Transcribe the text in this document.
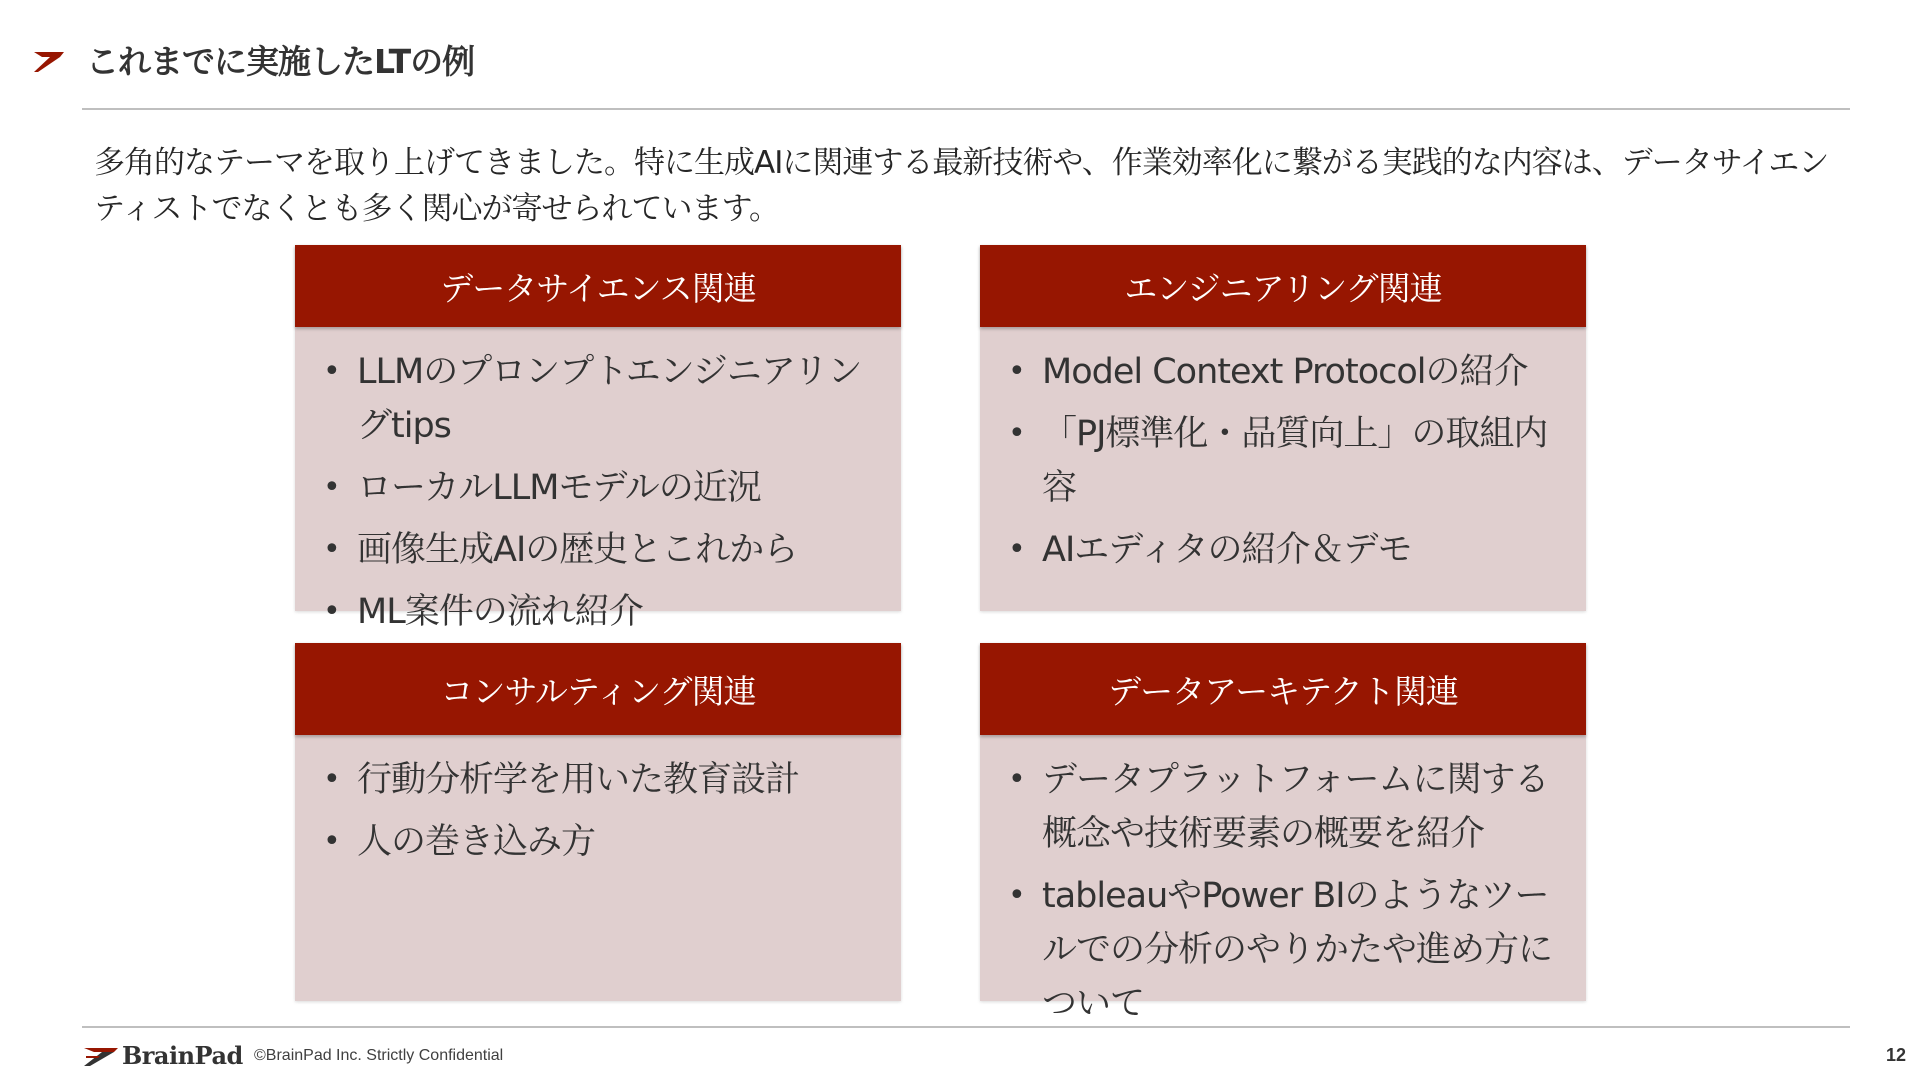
これまでに実施したLTの例
多角的なテーマを取り上げてきました。特に生成AIに関連する最新技術や、作業効率化に繋がる実践的な内容は、データサイエンティストでなくとも多く関心が寄せられています。
データサイエンス関連
• LLMのプロンプトエンジニアリングtips
• ローカルLLMモデルの近況
• 画像生成AIの歴史とこれから
• ML案件の流れ紹介
エンジニアリング関連
• Model Context Protocolの紹介
• 「PJ標準化・品質向上」の取組内容
• AIエディタの紹介＆デモ
コンサルティング関連
• 行動分析学を用いた教育設計
• 人の巻き込み方
データアーキテクト関連
• データプラットフォームに関する概念や技術要素の概要を紹介
• tableauやPower BIのようなツールでの分析のやりかたや進め方について
BrainPad ©BrainPad Inc. Strictly Confidential	12
